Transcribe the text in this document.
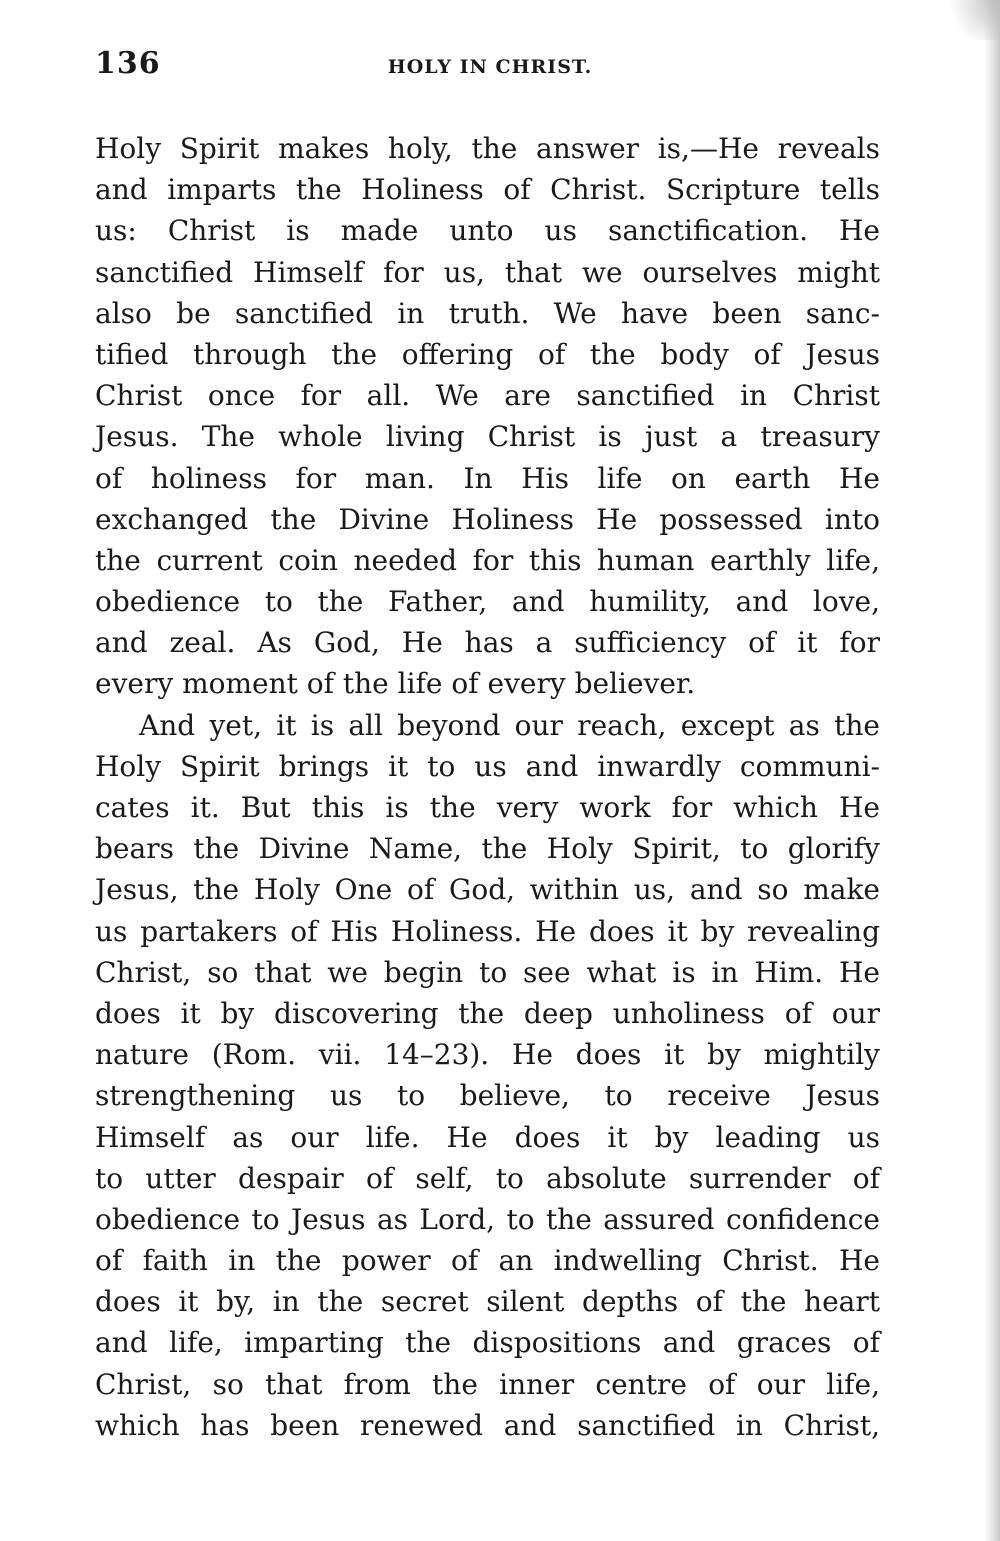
136	HOLY IN CHRIST.
Holy Spirit makes holy, the answer is,—He reveals
and imparts the Holiness of Christ. Scripture tells
us: Christ is made unto us sanctification. He
sanctified Himself for us, that we ourselves might
also be sanctified in truth. We have been sanc-
tified through the offering of the body of Jesus
Christ once for all. We are sanctified in Christ
Jesus. The whole living Christ is just a treasury
of holiness for man. In His life on earth He
exchanged the Divine Holiness He possessed into
the current coin needed for this human earthly life,
obedience to the Father, and humility, and love,
and zeal. As God, He has a sufficiency of it for
every moment of the life of every believer.
And yet, it is all beyond our reach, except as the
Holy Spirit brings it to us and inwardly communi-
cates it. But this is the very work for which He
bears the Divine Name, the Holy Spirit, to glorify
Jesus, the Holy One of God, within us, and so make
us partakers of His Holiness. He does it by revealing
Christ, so that we begin to see what is in Him. He
does it by discovering the deep unholiness of our
nature (Rom. vii. 14–23). He does it by mightily
strengthening us to believe, to receive Jesus
Himself as our life. He does it by leading us
to utter despair of self, to absolute surrender of
obedience to Jesus as Lord, to the assured confidence
of faith in the power of an indwelling Christ. He
does it by, in the secret silent depths of the heart
and life, imparting the dispositions and graces of
Christ, so that from the inner centre of our life,
which has been renewed and sanctified in Christ,
